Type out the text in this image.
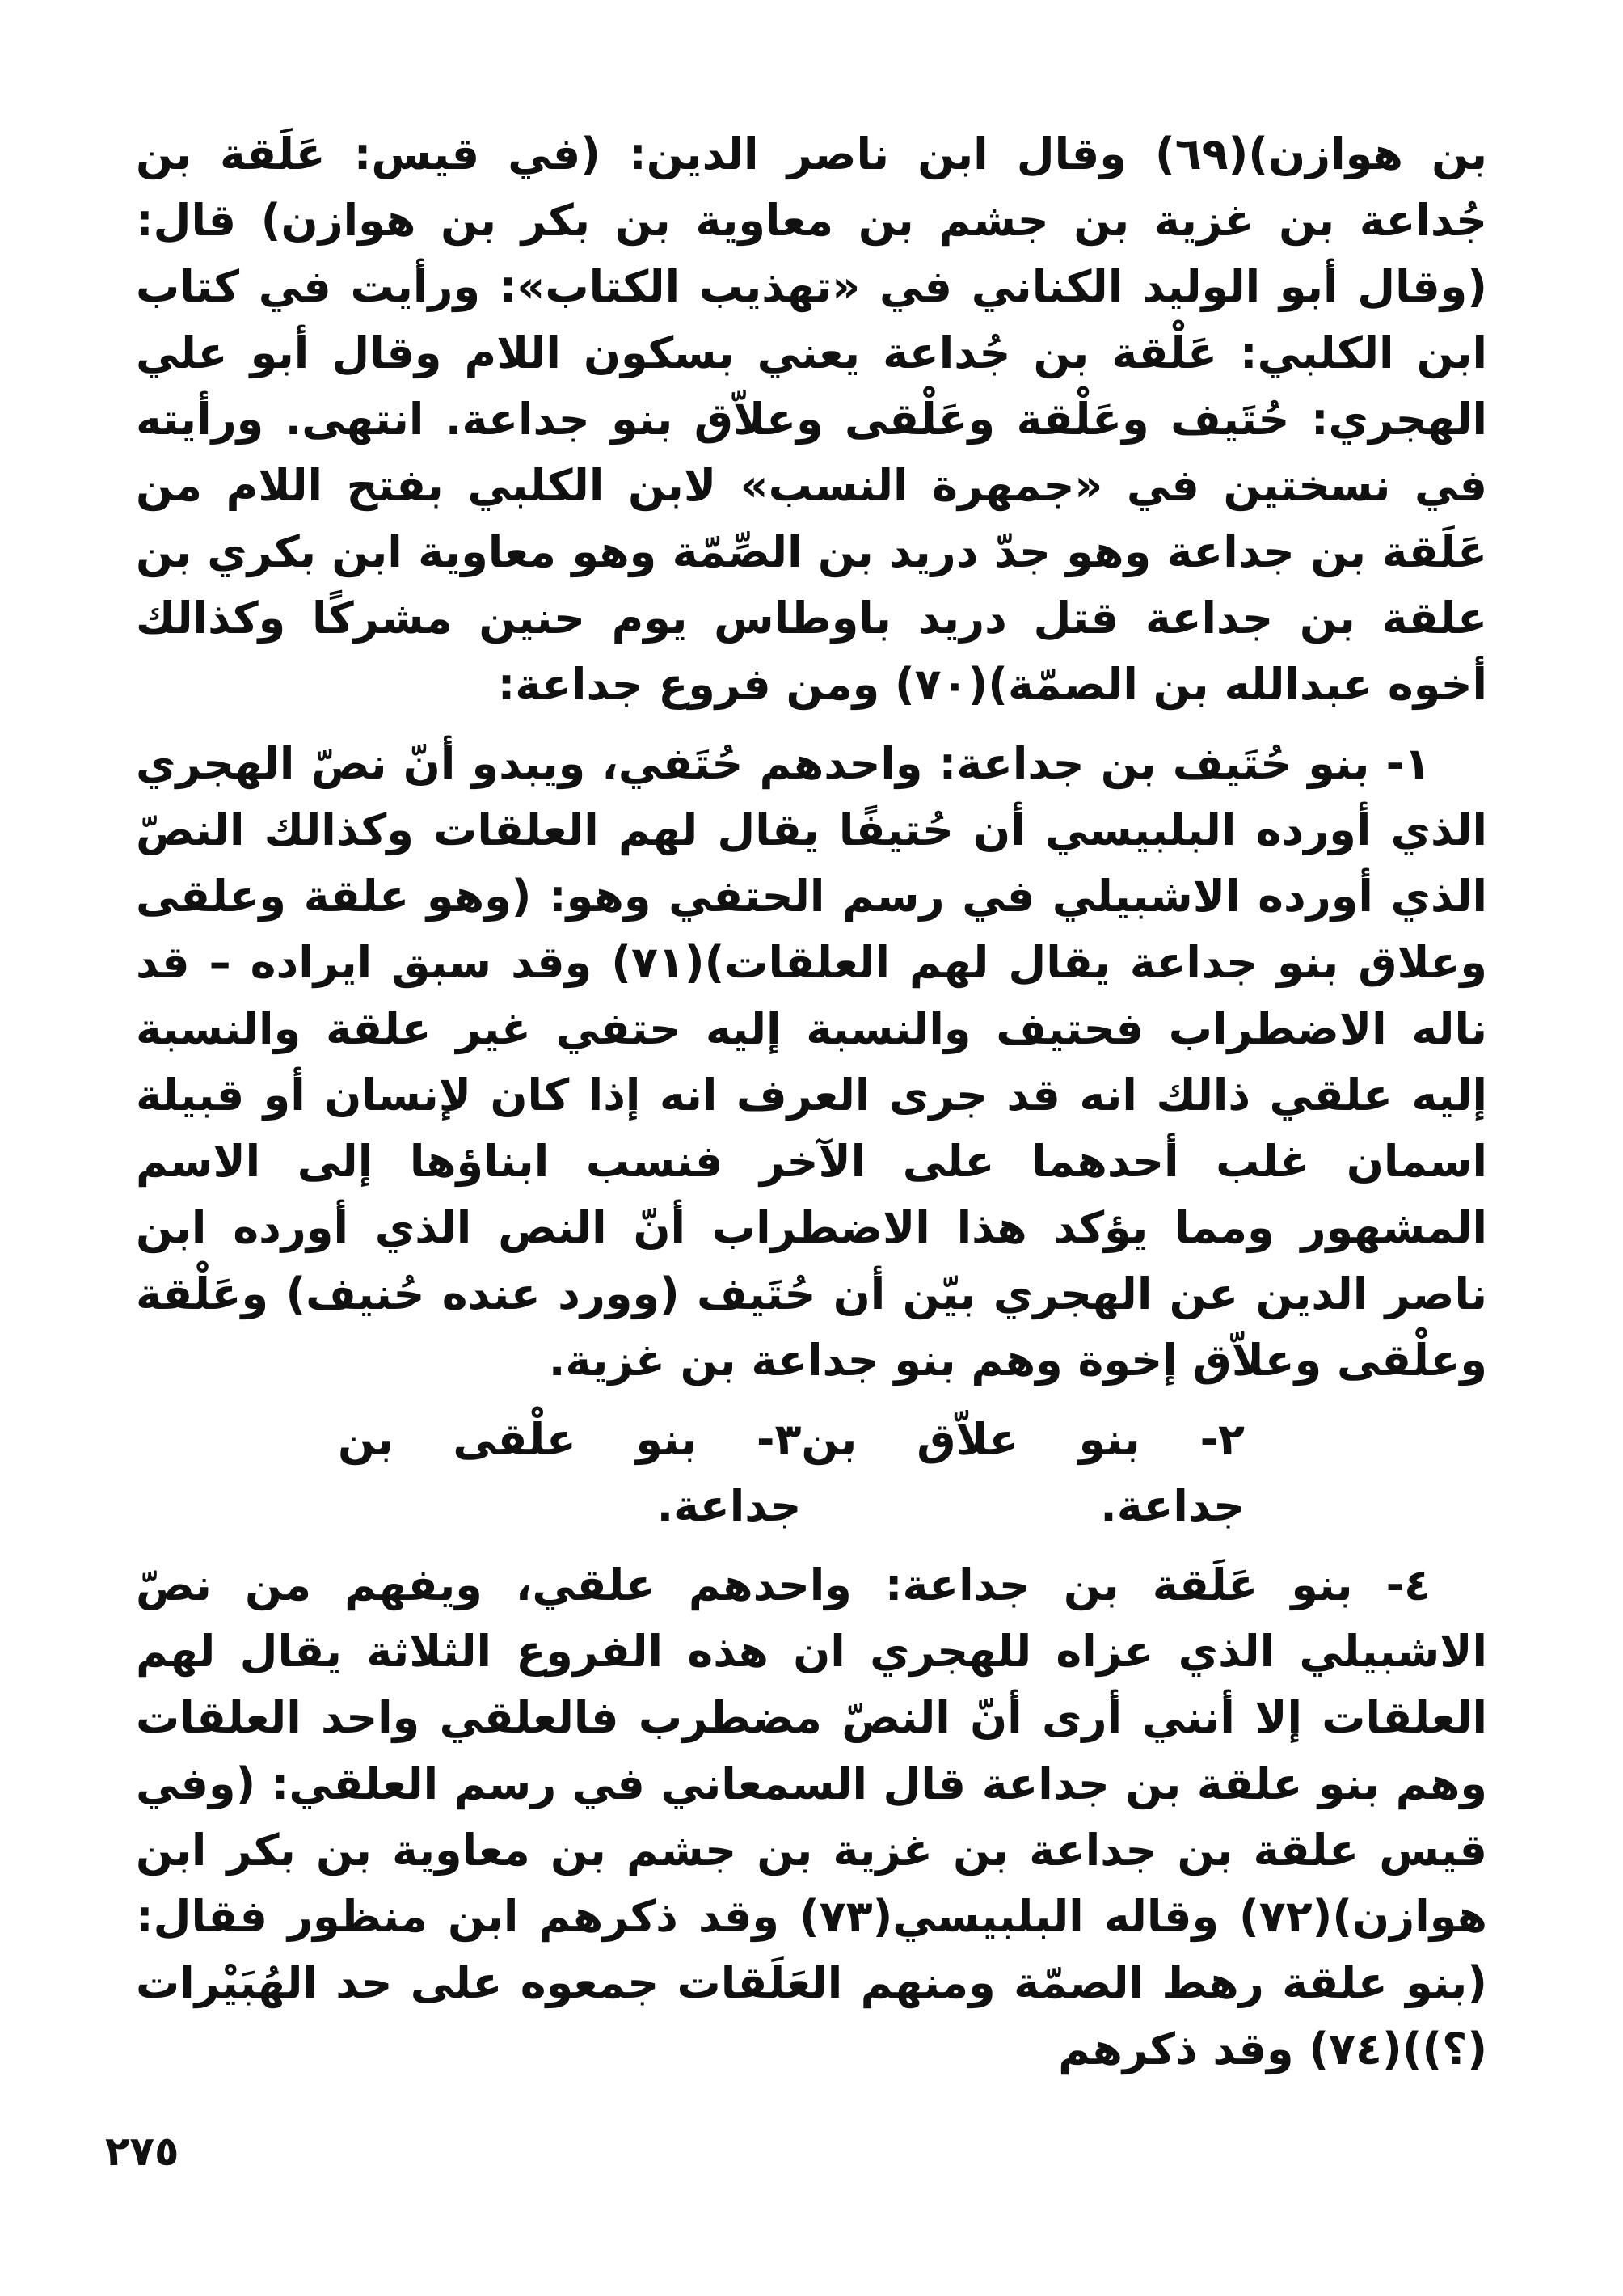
بن هوازن)(٦٩) وقال ابن ناصر الدين: (في قيس: عَلَقة بن جُداعة بن غزية بن جشم بن معاوية بن بكر بن هوازن) قال: (وقال أبو الوليد الكناني في «تهذيب الكتاب»: ورأيت في كتاب ابن الكلبي: عَلْقة بن جُداعة يعني بسكون اللام وقال أبو علي الهجري: حُتَيف وعَلْقة وعَلْقى وعلاّق بنو جداعة. انتهى. ورأيته في نسختين في «جمهرة النسب» لابن الكلبي بفتح اللام من عَلَقة بن جداعة وهو جدّ دريد بن الصِّمّة وهو معاوية ابن بكري بن علقة بن جداعة قتل دريد باوطاس يوم حنين مشركًا وكذالك أخوه عبدالله بن الصمّة)(٧٠) ومن فروع جداعة:

١- بنو حُتَيف بن جداعة: واحدهم حُتَفي، ويبدو أنّ نصّ الهجري الذي أورده البلبيسي أن حُتيفًا يقال لهم العلقات وكذالك النصّ الذي أورده الاشبيلي في رسم الحتفي وهو: (وهو علقة وعلقى وعلاق بنو جداعة يقال لهم العلقات)(٧١) وقد سبق ايراده – قد ناله الاضطراب فحتيف والنسبة إليه حتفي غير علقة والنسبة إليه علقي ذالك انه قد جرى العرف انه إذا كان لإنسان أو قبيلة اسمان غلب أحدهما على الآخر فنسب ابناؤها إلى الاسم المشهور ومما يؤكد هذا الاضطراب أنّ النص الذي أورده ابن ناصر الدين عن الهجري بيّن أن حُتَيف (وورد عنده حُنيف) وعَلْقة وعلْقى وعلاّق إخوة وهم بنو جداعة بن غزية.

٢- بنو علاّق بن جداعة.
٣- بنو علْقى بن جداعة.

٤- بنو عَلَقة بن جداعة: واحدهم علقي، ويفهم من نصّ الاشبيلي الذي عزاه للهجري ان هذه الفروع الثلاثة يقال لهم العلقات إلا أنني أرى أنّ النصّ مضطرب فالعلقي واحد العلقات وهم بنو علقة بن جداعة قال السمعاني في رسم العلقي: (وفي قيس علقة بن جداعة بن غزية بن جشم بن معاوية بن بكر ابن هوازن)(٧٢) وقاله البلبيسي(٧٣) وقد ذكرهم ابن منظور فقال: (بنو علقة رهط الصمّة ومنهم العَلَقات جمعوه على حد الهُبَيْرات (؟))(٧٤) وقد ذكرهم

٢٧٥
